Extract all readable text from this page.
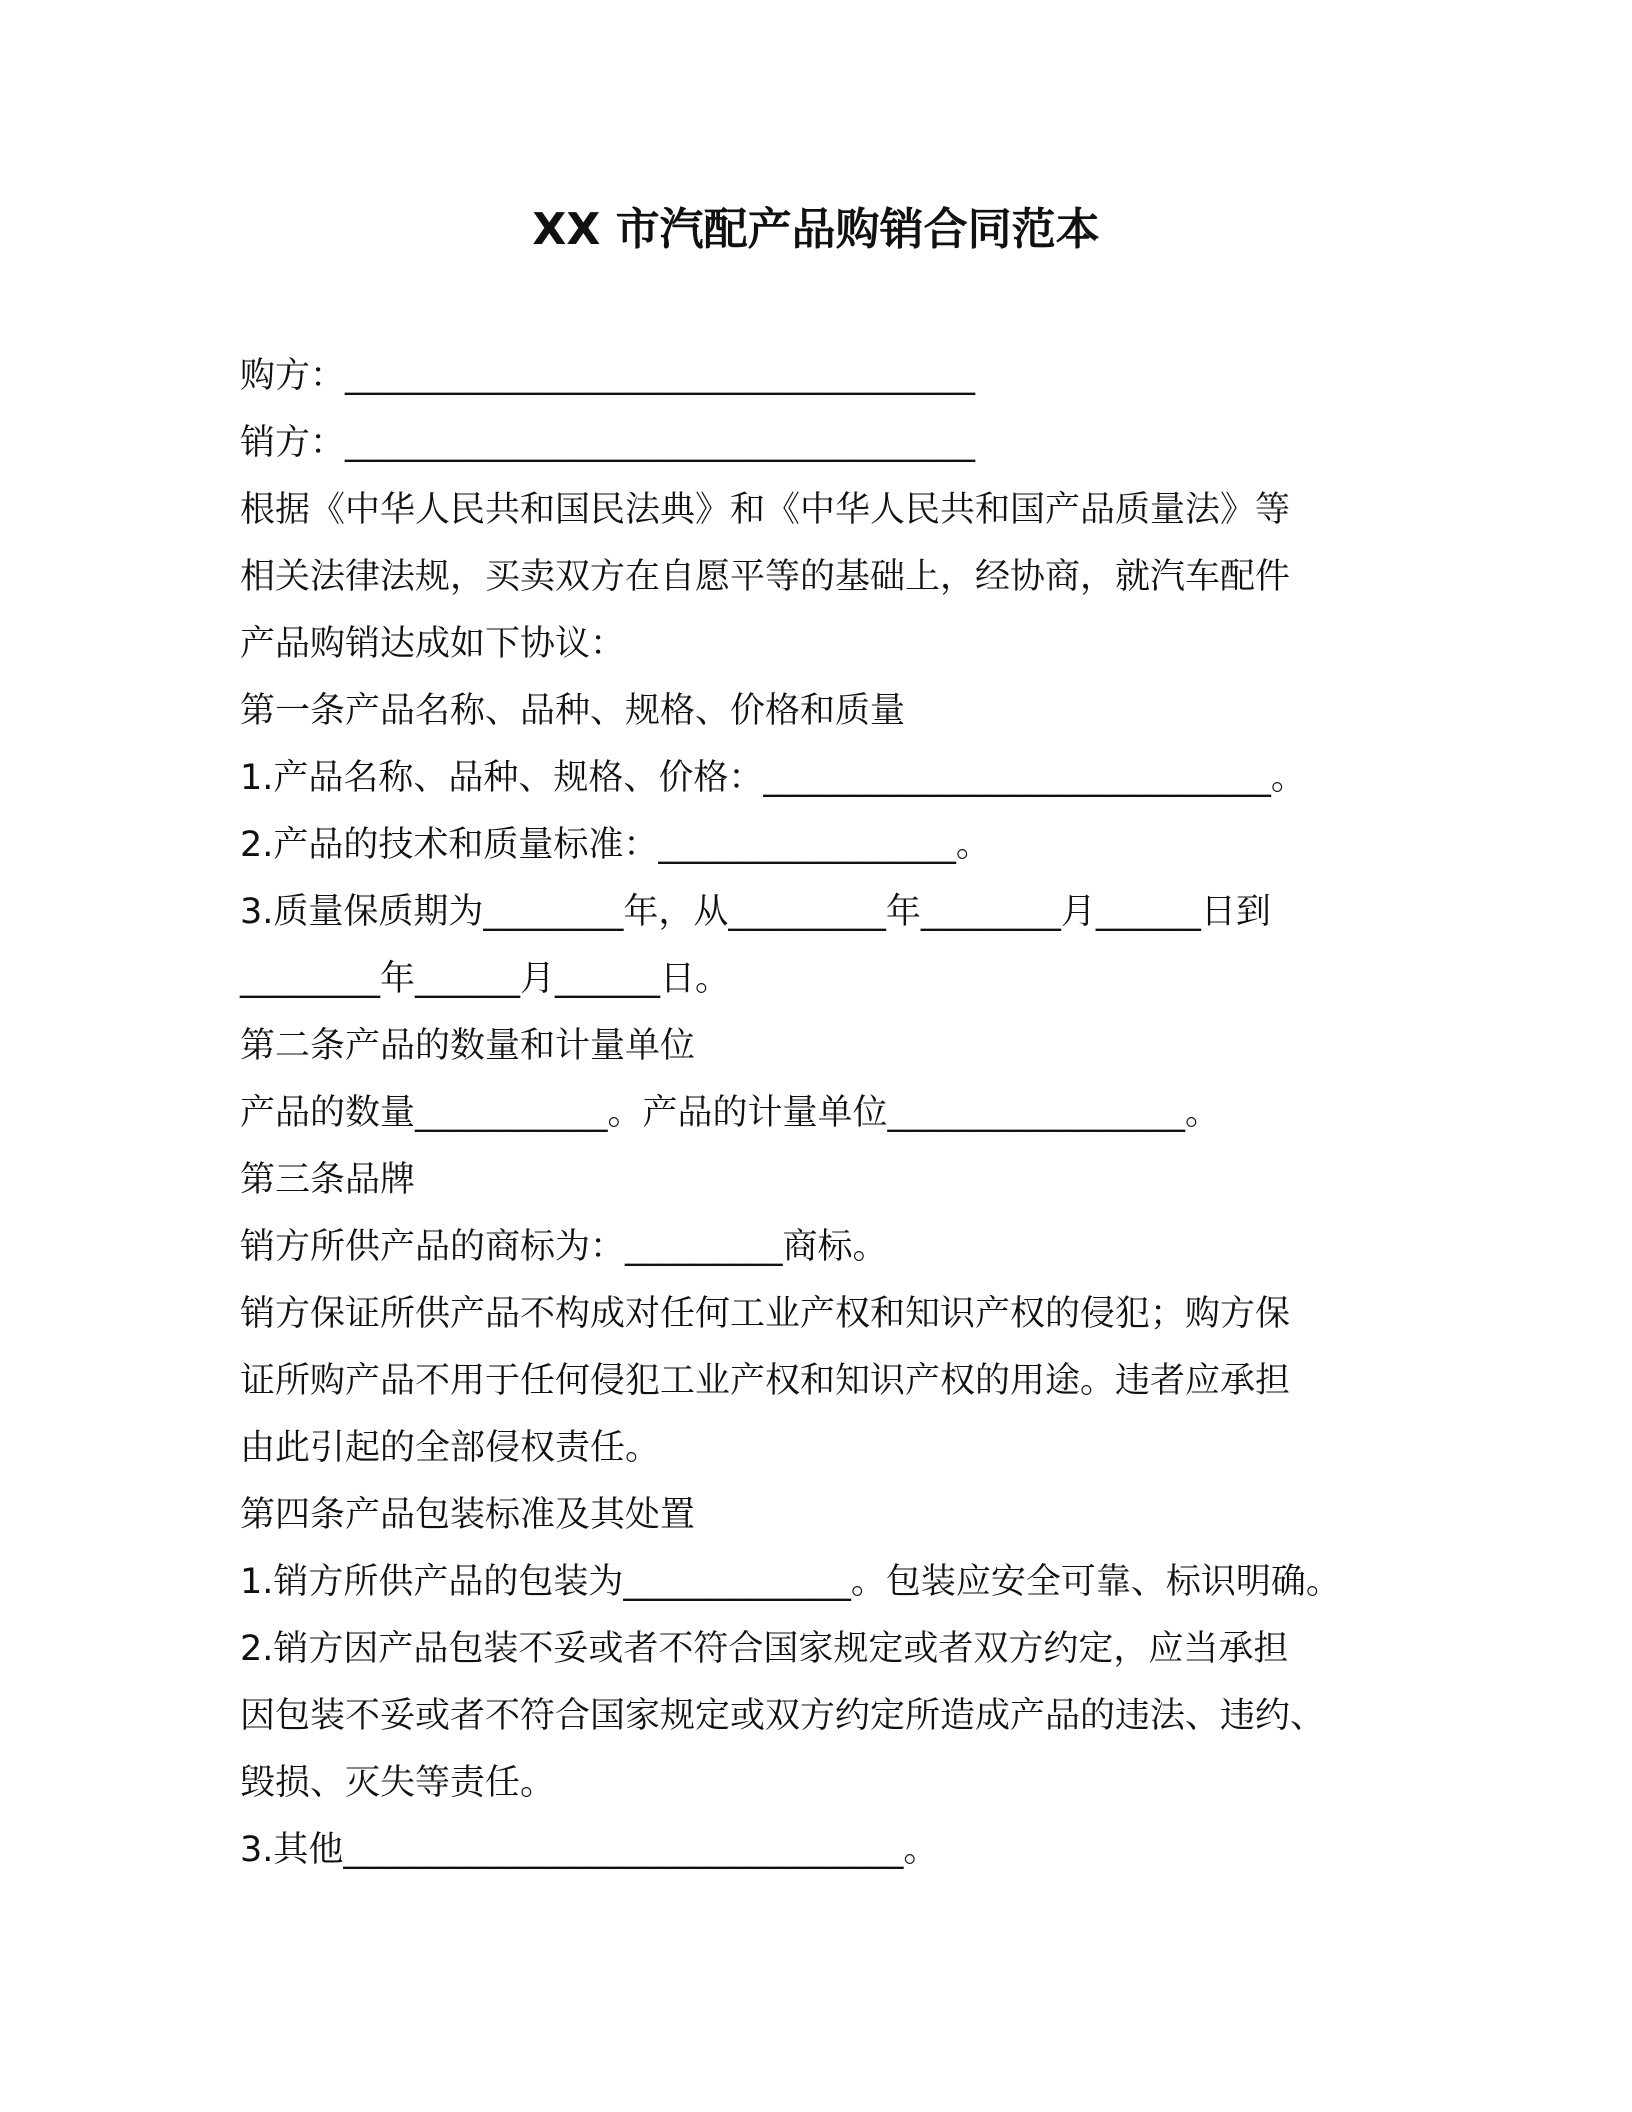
XX 市汽配产品购销合同范本
购方：____________________________________
销方：____________________________________
根据《中华人民共和国民法典》和《中华人民共和国产品质量法》等
相关法律法规，买卖双方在自愿平等的基础上，经协商，就汽车配件
产品购销达成如下协议：
第一条产品名称、品种、规格、价格和质量
1.产品名称、品种、规格、价格：_____________________________。
2.产品的技术和质量标准：_________________。
3.质量保质期为________年，从_________年________月______日到
________年______月______日。
第二条产品的数量和计量单位
产品的数量___________。产品的计量单位_________________。
第三条品牌
销方所供产品的商标为：_________商标。
销方保证所供产品不构成对任何工业产权和知识产权的侵犯；购方保
证所购产品不用于任何侵犯工业产权和知识产权的用途。违者应承担
由此引起的全部侵权责任。
第四条产品包装标准及其处置
1.销方所供产品的包装为_____________。包装应安全可靠、标识明确。
2.销方因产品包装不妥或者不符合国家规定或者双方约定，应当承担
因包装不妥或者不符合国家规定或双方约定所造成产品的违法、违约、
毁损、灭失等责任。
3.其他________________________________。
